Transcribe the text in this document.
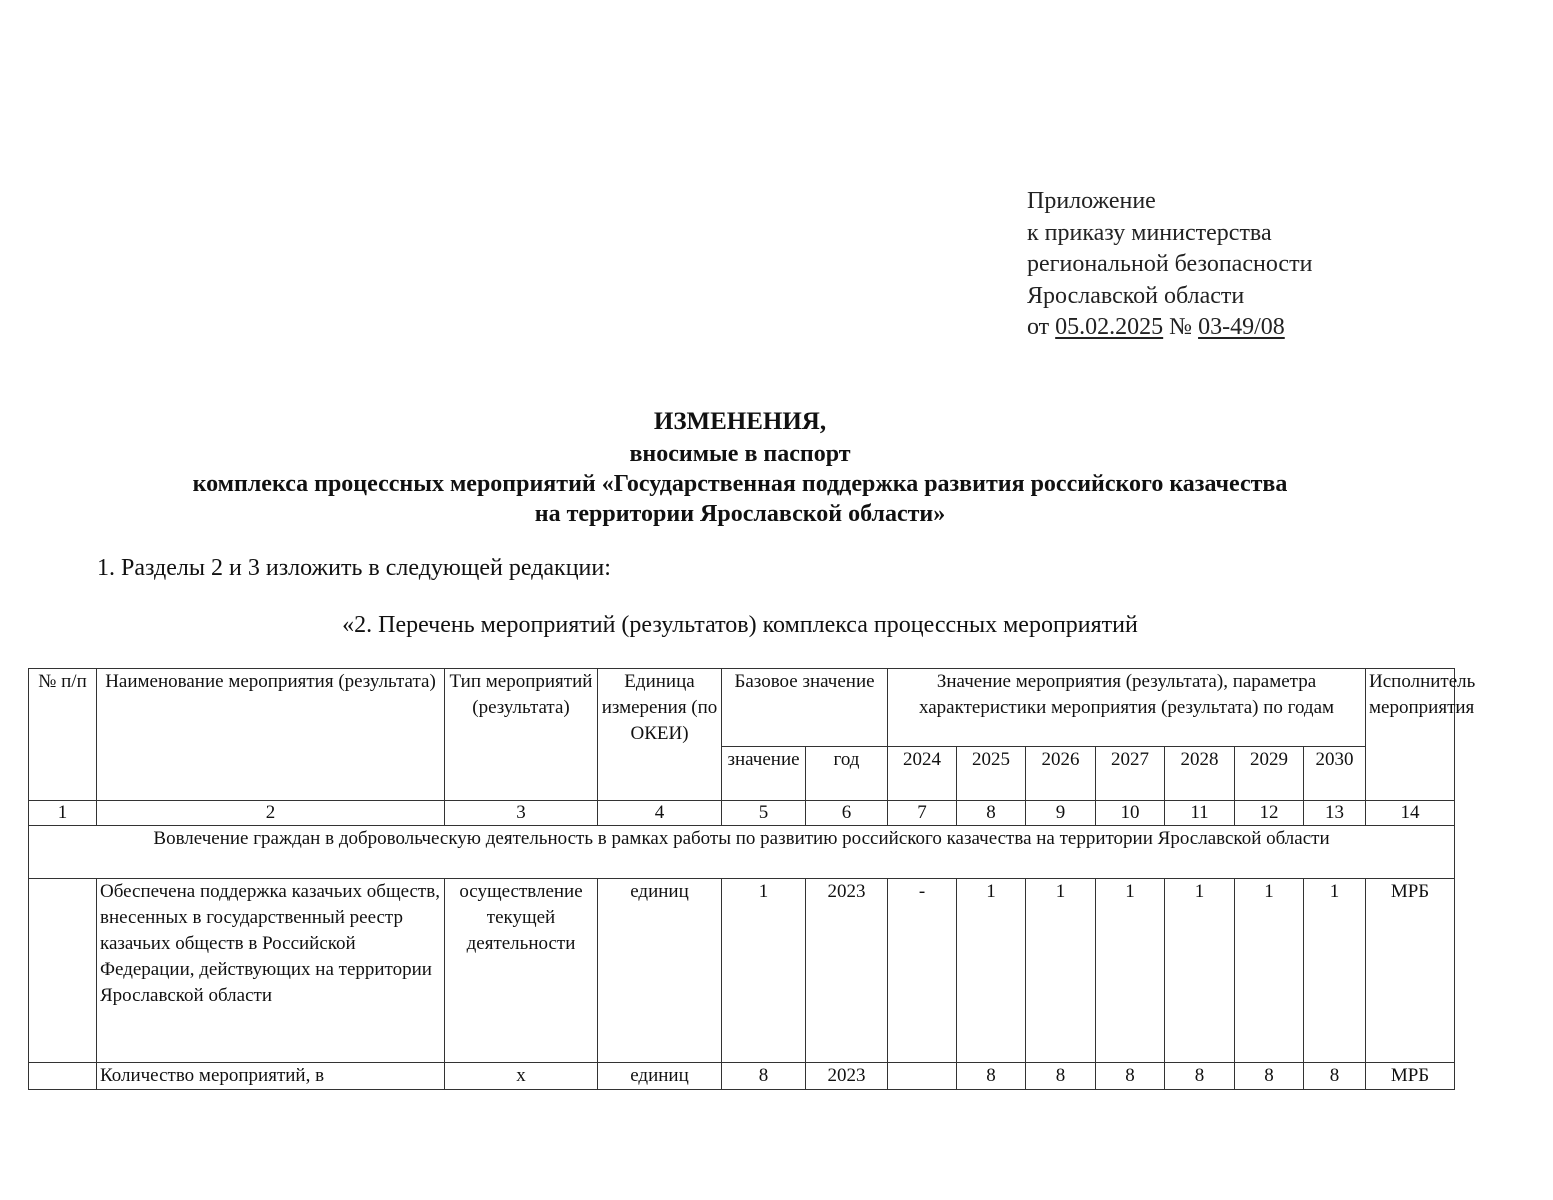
Приложение
к приказу министерства
региональной безопасности
Ярославской области
от 05.02.2025 № 03-49/08
ИЗМЕНЕНИЯ,
вносимые в паспорт
комплекса процессных мероприятий «Государственная поддержка развития российского казачества
на территории Ярославской области»
1. Разделы 2 и 3 изложить в следующей редакции:
«2. Перечень мероприятий (результатов) комплекса процессных мероприятий
№ п/п	Наименование мероприятия (результата)	Тип мероприятий (результата)	Единица измерения (по ОКЕИ)	Базовое значение		Значение мероприятия (результата), параметра характеристики мероприятия (результата) по годам							Исполнитель мероприятия
				значение	год	2024	2025	2026	2027	2028	2029	2030	
1	2	3	4	5	6	7	8	9	10	11	12	13	14
Вовлечение граждан в добровольческую деятельность в рамках работы по развитию российского казачества на территории Ярославской области													
	Обеспечена поддержка казачьих обществ, внесенных в государственный реестр казачьих обществ в Российской Федерации, действующих на территории Ярославской области	осуществление текущей деятельности	единиц	1	2023	-	1	1	1	1	1	1	МРБ
	Количество мероприятий, в	х	единиц	8	2023		8	8	8	8	8	8	МРБ
